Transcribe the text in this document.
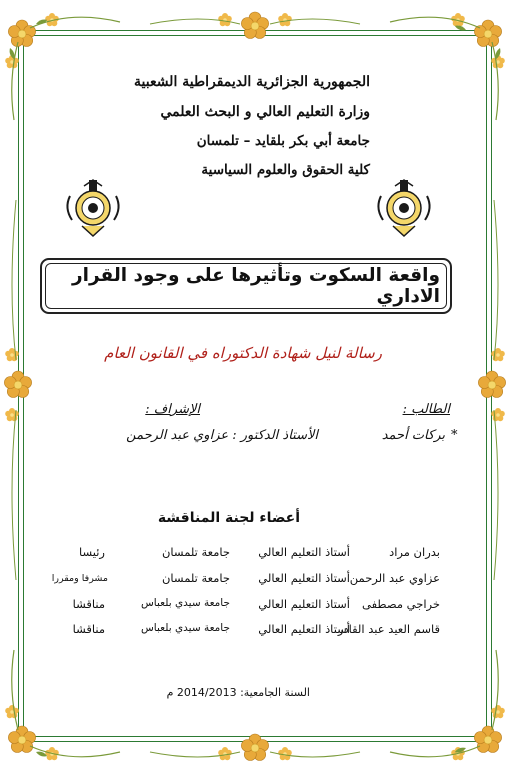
الجمهورية الجزائرية الديمقراطية الشعبية
وزارة التعليم العالي و البحث العلمي
جامعة أبي بكر بلقايد – تلمسان
كلية الحقوق والعلوم السياسية
واقعة السكوت وتأثيرها على وجود القرار الاداري
رسالة لنيل شهادة الدكتوراه في القانون العام
الطالب :
بركات أحمد *
الإشراف :
الأستاذ الدكتور : عزاوي عبد الرحمن
أعضاء لجنة المناقشة
بدران مراد
أستاذ التعليم العالي
جامعة تلمسان
رئيسا
عزاوي عبد الرحمن
أستاذ التعليم العالي
جامعة تلمسان
مشرفا ومقررا
خراجي مصطفى
أستاذ التعليم العالي
جامعة سيدي بلعباس
مناقشا
قاسم العيد عبد القادر
أستاذ التعليم العالي
جامعة سيدي بلعباس
مناقشا
السنة الجامعية: 2014/2013 م
